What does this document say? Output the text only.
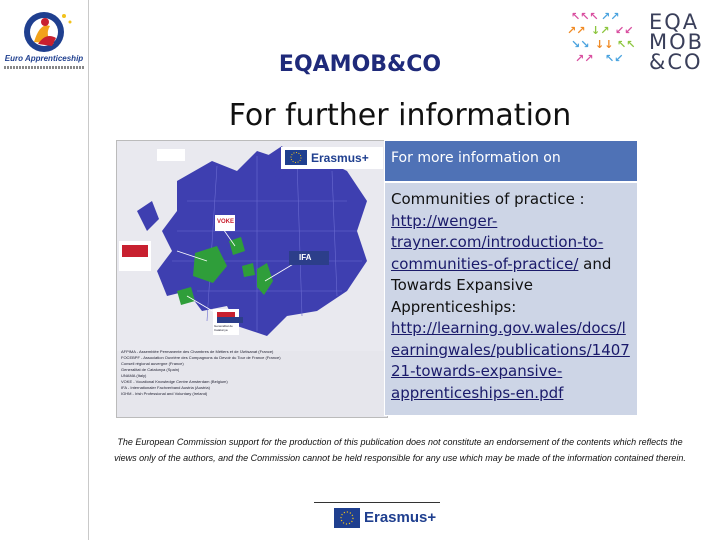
Euro Apprenticeship	EQAMOB&CO
For further information
↖↖↖ ↗↗
↗↗ ↓↗ ↙↙
↘↘ ↓↓ ↖↖
↗↗ ↖↙
EQA
MOB
&CO
Erasmus+
VOKE
IFA
Generalitat de Catalunya
AFPIMA - Assemblée Permanente des Chambres de Métiers et de l'Artisanat (France)
FOCEBPF - Association Ouvrière des Compagnons du Devoir du Tour de France (France)
Conseil régional auvergne (France)
Generalitat de Catalunya (Spain)
UNAMA (Italy)
VOKE - Vocational Knowledge Centre Amsterdam (Belgium)
IFA - Internationaler Fachverband Austria (Austria)
IGHM - Irish Professional and Voluntary (Ireland)
For more information on
Communities of practice : http://wenger-trayner.com/introduction-to-communities-of-practice/ and Towards Expansive Apprenticeships: http://learning.gov.wales/docs/learningwales/publications/140721-towards-expansive-apprenticeships-en.pdf
The European Commission support for the production of this publication does not constitute an endorsement of the contents which reflects the views only of the authors, and the Commission cannot be held responsible for any use which may be made of the information contained therein.
Erasmus+
